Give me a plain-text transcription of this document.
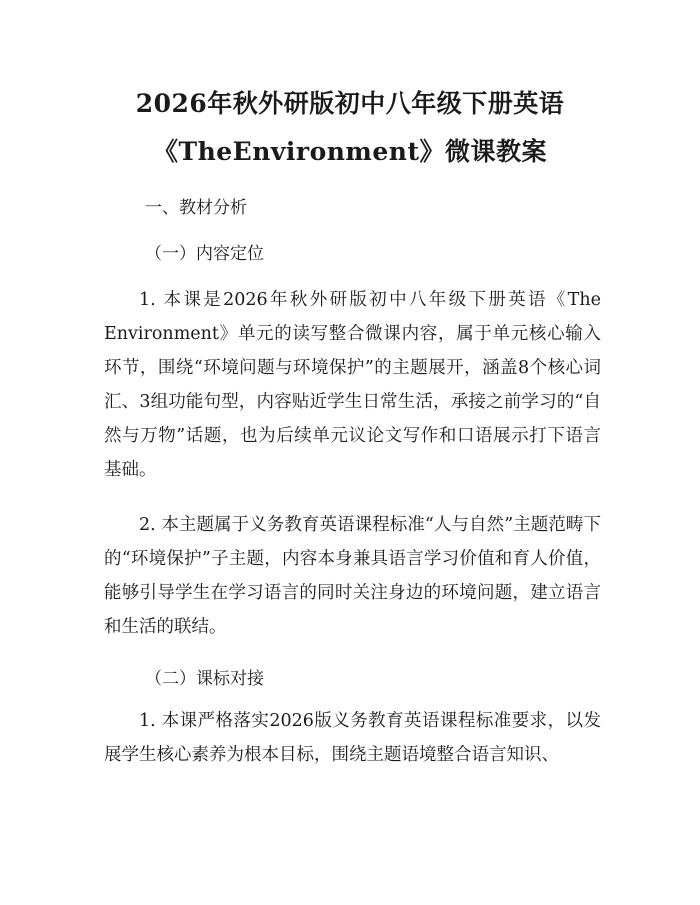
2026年秋外研版初中八年级下册英语
《TheEnvironment》微课教案
一、教材分析
（一）内容定位

1. 本课是2026年秋外研版初中八年级下册英语《The Environment》单元的读写整合微课内容，属于单元核心输入环节，围绕“环境问题与环境保护”的主题展开，涵盖8个核心词汇、3组功能句型，内容贴近学生日常生活，承接之前学习的“自然与万物”话题，也为后续单元议论文写作和口语展示打下语言基础。

2. 本主题属于义务教育英语课程标准“人与自然”主题范畴下的“环境保护”子主题，内容本身兼具语言学习价值和育人价值，能够引导学生在学习语言的同时关注身边的环境问题，建立语言和生活的联结。

（二）课标对接

1. 本课严格落实2026版义务教育英语课程标准要求，以发展学生核心素养为根本目标，围绕主题语境整合语言知识、
